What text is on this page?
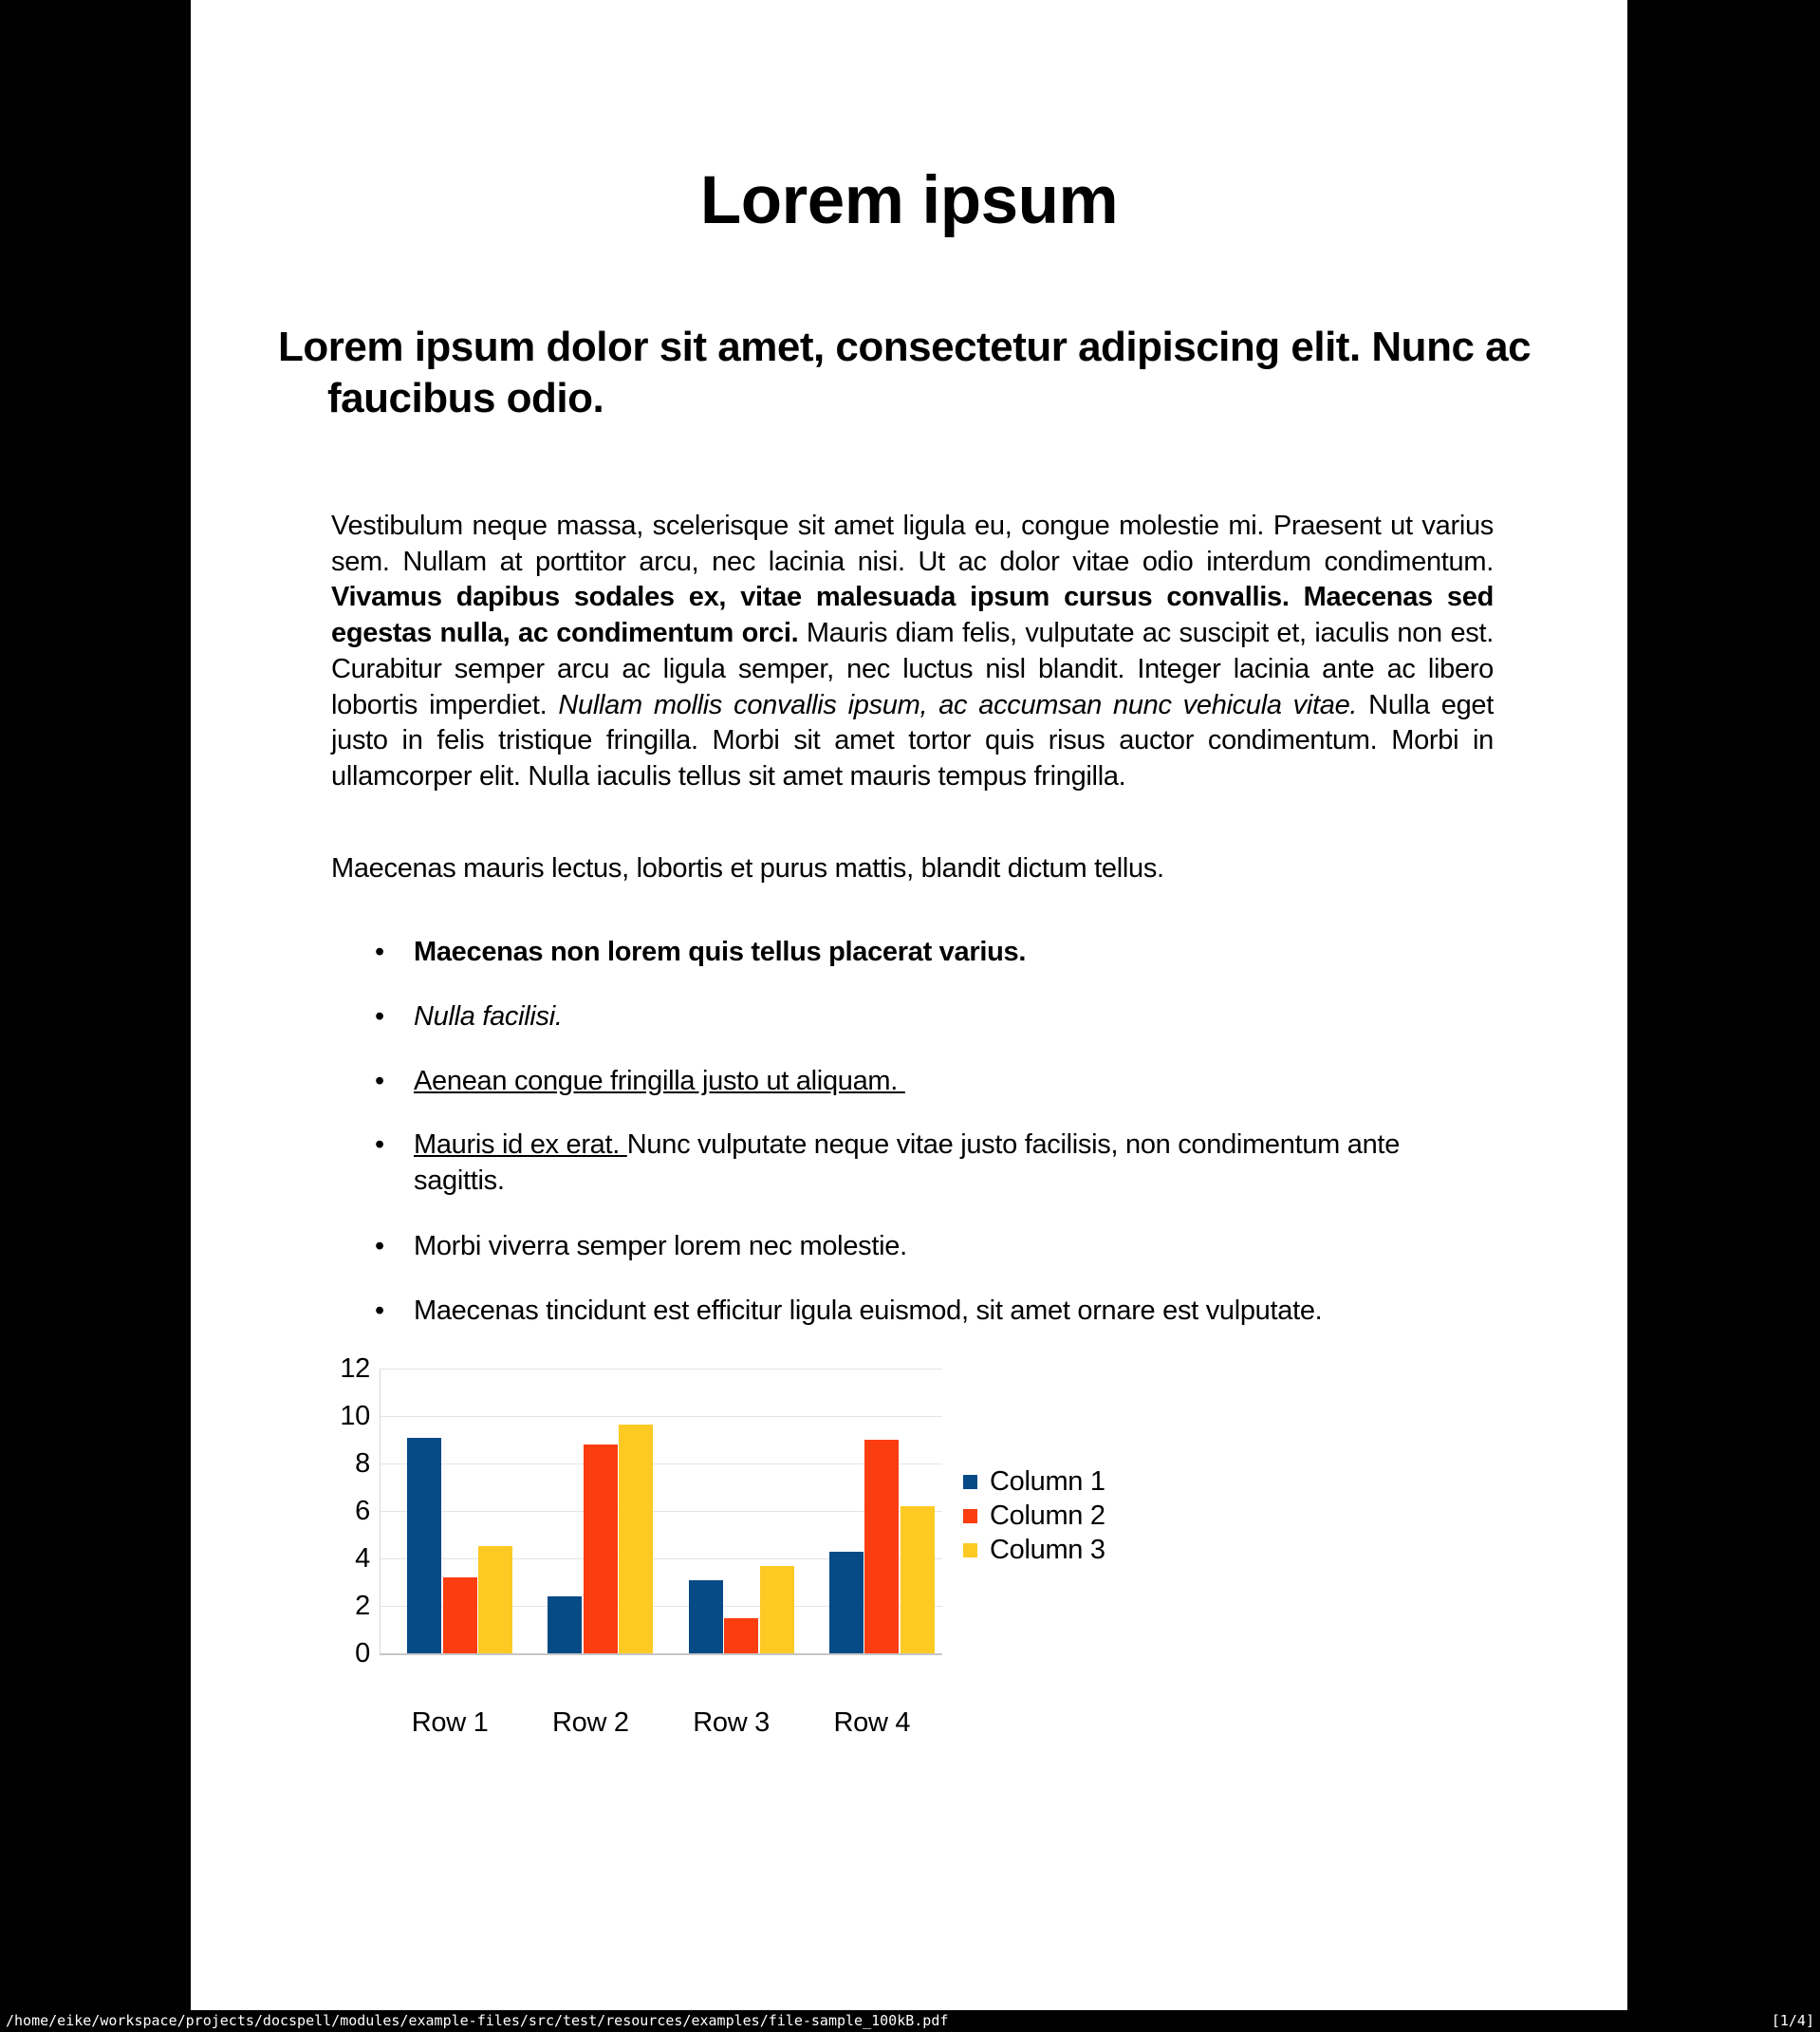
Lorem ipsum
Lorem ipsum dolor sit amet, consectetur adipiscing elit. Nunc ac faucibus odio.

Vestibulum neque massa, scelerisque sit amet ligula eu, congue molestie mi. Praesent ut varius sem. Nullam at porttitor arcu, nec lacinia nisi. Ut ac dolor vitae odio interdum condimentum. Vivamus dapibus sodales ex, vitae malesuada ipsum cursus convallis. Maecenas sed egestas nulla, ac condimentum orci. Mauris diam felis, vulputate ac suscipit et, iaculis non est. Curabitur semper arcu ac ligula semper, nec luctus nisl blandit. Integer lacinia ante ac libero lobortis imperdiet. Nullam mollis convallis ipsum, ac accumsan nunc vehicula vitae. Nulla eget justo in felis tristique fringilla. Morbi sit amet tortor quis risus auctor condimentum. Morbi in ullamcorper elit. Nulla iaculis tellus sit amet mauris tempus fringilla.

Maecenas mauris lectus, lobortis et purus mattis, blandit dictum tellus.

• Maecenas non lorem quis tellus placerat varius.
• Nulla facilisi.
• Aenean congue fringilla justo ut aliquam.
• Mauris id ex erat. Nunc vulputate neque vitae justo facilisis, non condimentum ante sagittis.
• Morbi viverra semper lorem nec molestie.
• Maecenas tincidunt est efficitur ligula euismod, sit amet ornare est vulputate.
0
2
4
6
8
10
12
Row 1	Row 2	Row 3	Row 4
Column 1
Column 2
Column 3
/home/eike/workspace/projects/docspell/modules/example-files/src/test/resources/examples/file-sample_100kB.pdf	[1/4]
